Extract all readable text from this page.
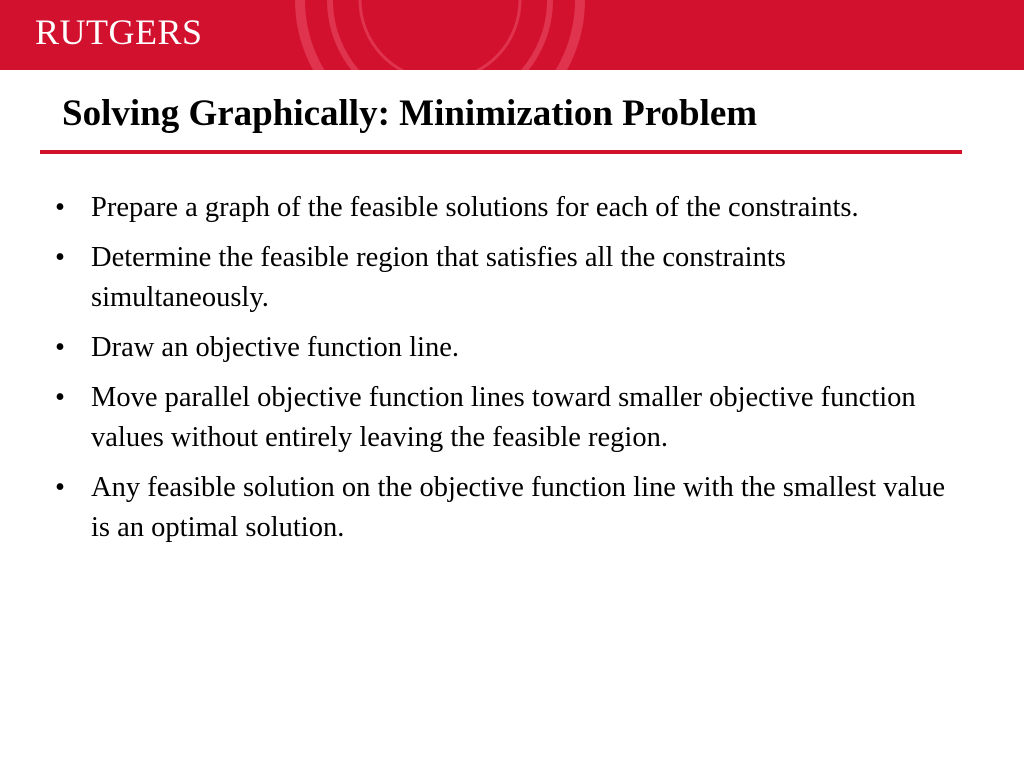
RUTGERS
Solving Graphically: Minimization Problem
• Prepare a graph of the feasible solutions for each of the constraints.
• Determine the feasible region that satisfies all the constraints simultaneously.
• Draw an objective function line.
• Move parallel objective function lines toward smaller objective function values without entirely leaving the feasible region.
• Any feasible solution on the objective function line with the smallest value is an optimal solution.
